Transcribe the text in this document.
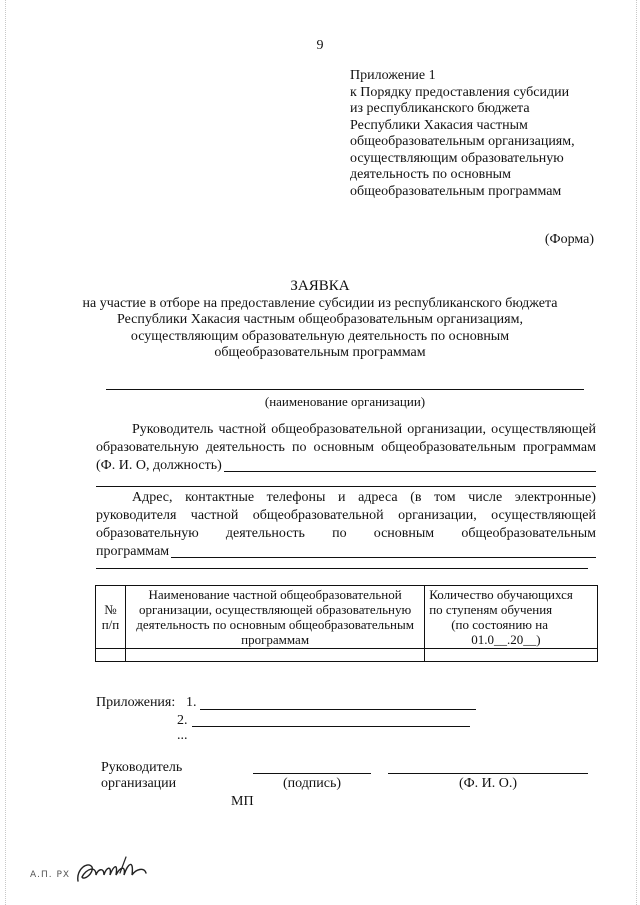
9
Приложение 1
к Порядку предоставления субсидии
из республиканского бюджета
Республики Хакасия частным
общеобразовательным организациям,
осуществляющим образовательную
деятельность по основным
общеобразовательным программам
(Форма)
ЗАЯВКА
на участие в отборе на предоставление субсидии из республиканского бюджета
Республики Хакасия частным общеобразовательным организациям,
осуществляющим образовательную деятельность по основным
общеобразовательным программам
(наименование организации)
Руководитель частной общеобразовательной организации, осуществляющей
образовательную деятельность по основным общеобразовательным программам
(Ф. И. О, должность)
Адрес, контактные телефоны и адреса (в том числе электронные)
руководителя частной общеобразовательной организации, осуществляющей
образовательную деятельность по основным общеобразовательным
программам
№ п/п	Наименование частной общеобразовательной организации, осуществляющей образовательную деятельность по основным общеобразовательным программам	Количество обучающихся
по ступеням обучения
(по состоянию на
01.0__.20__)

Приложения: 1.
2.
...
Руководитель
организации	(подпись)	(Ф. И. О.)
МП
А.П. РХ
